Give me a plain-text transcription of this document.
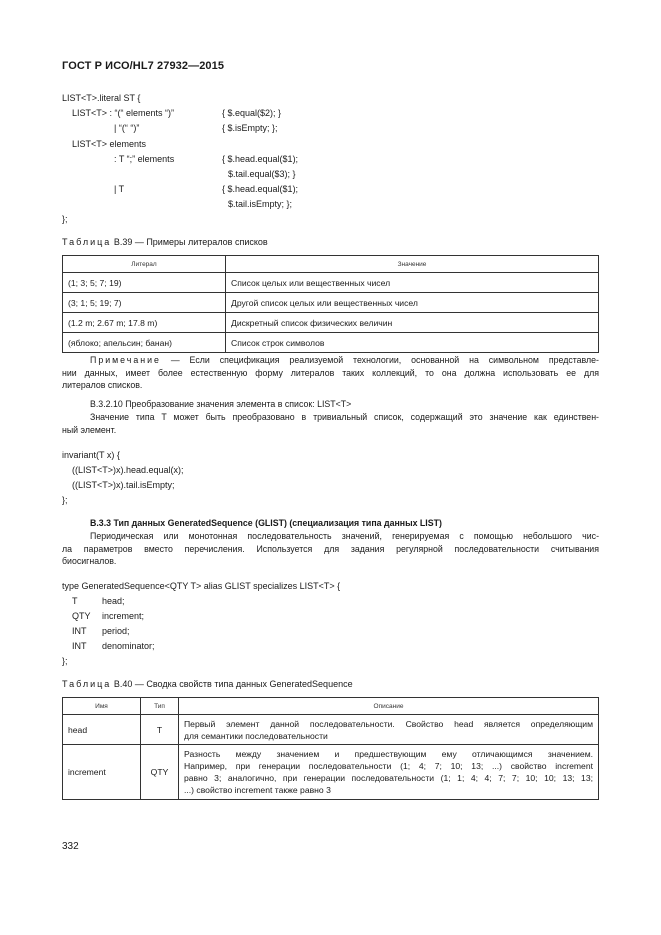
ГОСТ Р ИСО/HL7 27932—2015
LIST<T>.literal ST {
LIST<T> : “(“ elements “)”	{ $.equal($2); }
| “(“ “)”	{ $.isEmpty; };
LIST<T> elements
: T “;” elements	{ $.head.equal($1);
$.tail.equal($3); }
| T	{ $.head.equal($1);
$.tail.isEmpty; };
};
Таблица B.39 — Примеры литералов списков
Литерал	Значение
(1; 3; 5; 7; 19)	Список целых или вещественных чисел
(3; 1; 5; 19; 7)	Другой список целых или вещественных чисел
(1.2 m; 2.67 m; 17.8 m)	Дискретный список физических величин
(яблоко; апельсин; банан)	Список строк символов
Примечание — Если спецификация реализуемой технологии, основанной на символьном представле-
нии данных, имеет более естественную форму литералов таких коллекций, то она должна использовать ее для
литералов списков.
B.3.2.10 Преобразование значения элемента в список: LIST<T>
Значение типа T может быть преобразовано в тривиальный список, содержащий это значение как единствен-
ный элемент.
invariant(T x) {
((LIST<T>)x).head.equal(x);
((LIST<T>)x).tail.isEmpty;
};
B.3.3 Тип данных GeneratedSequence (GLIST) (специализация типа данных LIST)
Периодическая или монотонная последовательность значений, генерируемая с помощью небольшого чис-
ла параметров вместо перечисления. Используется для задания регулярной последовательности считывания
биосигналов.
type GeneratedSequence<QTY T> alias GLIST specializes LIST<T> {
T	head;
QTY increment;
INT period;
INT denominator;
};
Таблица B.40 — Сводка свойств типа данных GeneratedSequence
Имя	Тип	Описание
head	T	Первый элемент данной последовательности. Свойство head является определяющим
для семантики последовательности

increment	QTY	Разность между значением и предшествующим ему отличающимся значением.
Например, при генерации последовательности (1; 4; 7; 10; 13; ...) свойство increment
равно 3; аналогично, при генерации последовательности (1; 1; 4; 4; 7; 7; 10; 10; 13; 13;
...) свойство increment также равно 3
332
